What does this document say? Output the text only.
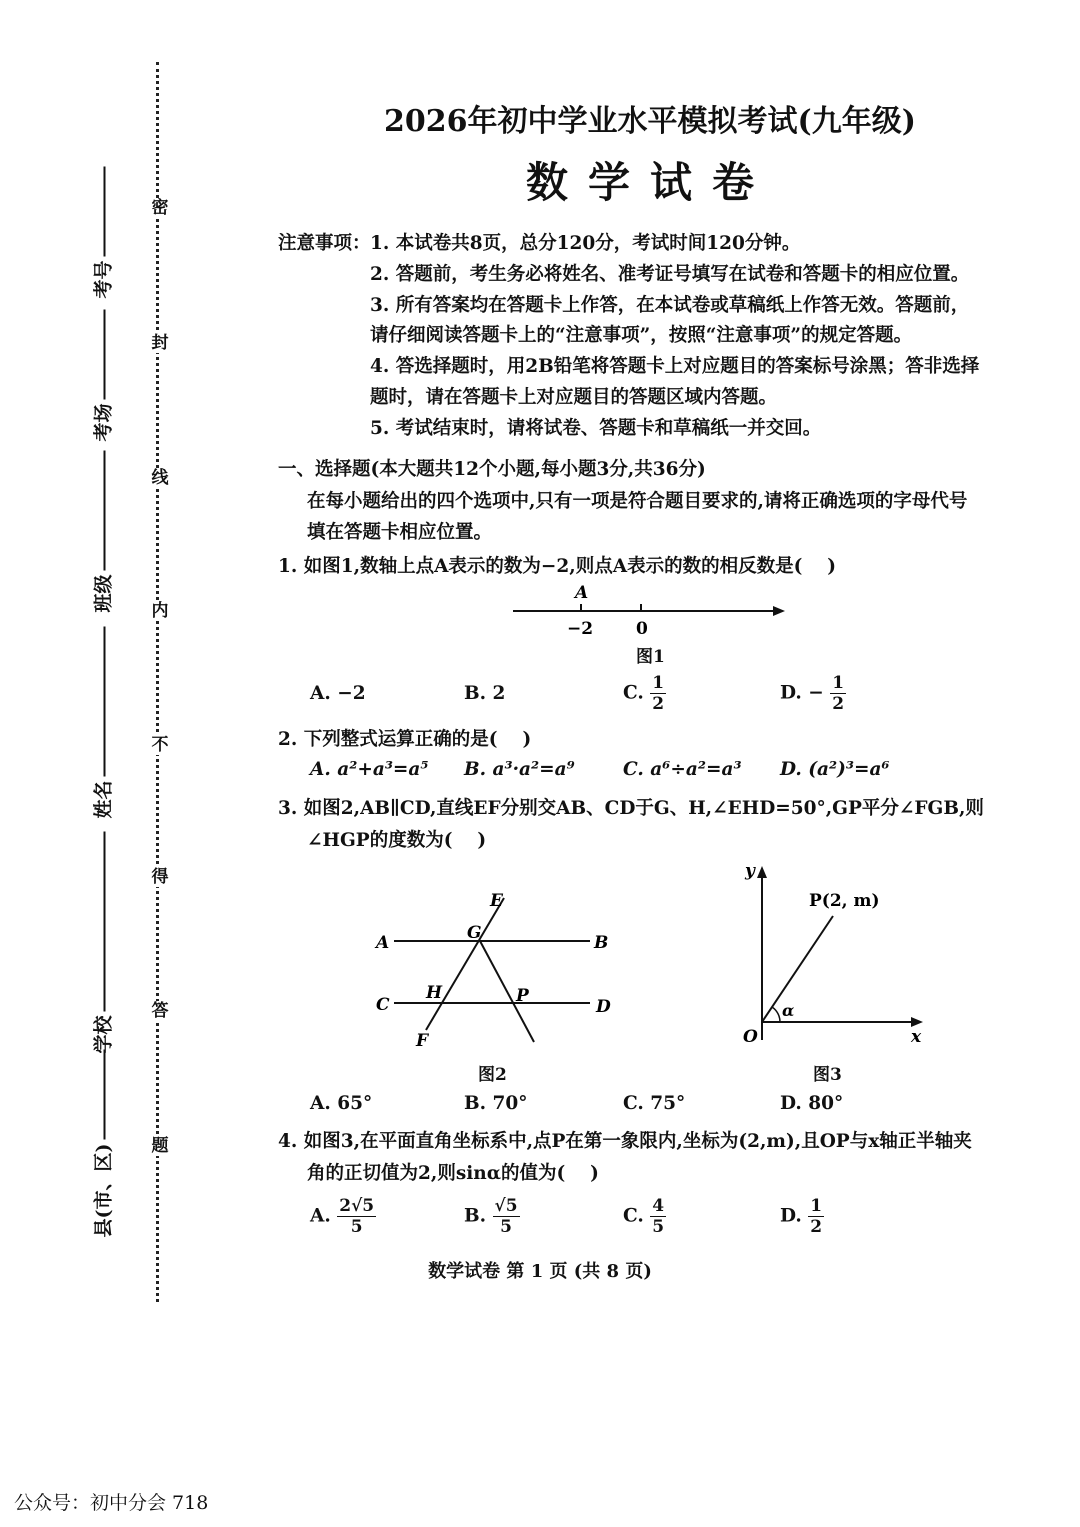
密
封
线
内
不
得
答
题
考号
考场
班级
姓名
学校
县(市、区)
2026年初中学业水平模拟考试(九年级)
数学试卷
注意事项： 1. 本试卷共8页，总分120分，考试时间120分钟。
2. 答题前，考生务必将姓名、准考证号填写在试卷和答题卡的相应位置。
3. 所有答案均在答题卡上作答，在本试卷或草稿纸上作答无效。答题前，
请仔细阅读答题卡上的“注意事项”，按照“注意事项”的规定答题。
4. 答选择题时，用2B铅笔将答题卡上对应题目的答案标号涂黑；答非选择
题时，请在答题卡上对应题目的答题区域内答题。
5. 考试结束时，请将试卷、答题卡和草稿纸一并交回。
一、选择题(本大题共12个小题,每小题3分,共36分)
在每小题给出的四个选项中,只有一项是符合题目要求的,请将正确选项的字母代号
填在答题卡相应位置。
1. 如图1,数轴上点A表示的数为−2,则点A表示的数的相反数是(　 )
A
−2	0
图1
A. −2	B. 2	C. $\frac{1}{2}$	D. − $\frac{1}{2}$
2. 下列整式运算正确的是(　 )
A. a²+a³=a⁵ B. a³·a²=a⁹	C. a⁶÷a²=a³ D. (a²)³=a⁶
3. 如图2,AB∥CD,直线EF分别交AB、CD于G、H,∠EHD=50°,GP平分∠FGB,则
∠HGP的度数为(　 )
A	B
C	D
E
F
G
H	P
图2
y
x
O
P(2, m)
α
图3
A. 65°	B. 70°	C. 75°	D. 80°
4. 如图3,在平面直角坐标系中,点P在第一象限内,坐标为(2,m),且OP与x轴正半轴夹
角的正切值为2,则sinα的值为(　 )
A. $\frac{2√5}{5}$	B. $\frac{√5}{5}$	C. $\frac{4}{5}$	D. $\frac{1}{2}$
数学试卷 第 1 页 (共 8 页)
公众号：初中分会 718
